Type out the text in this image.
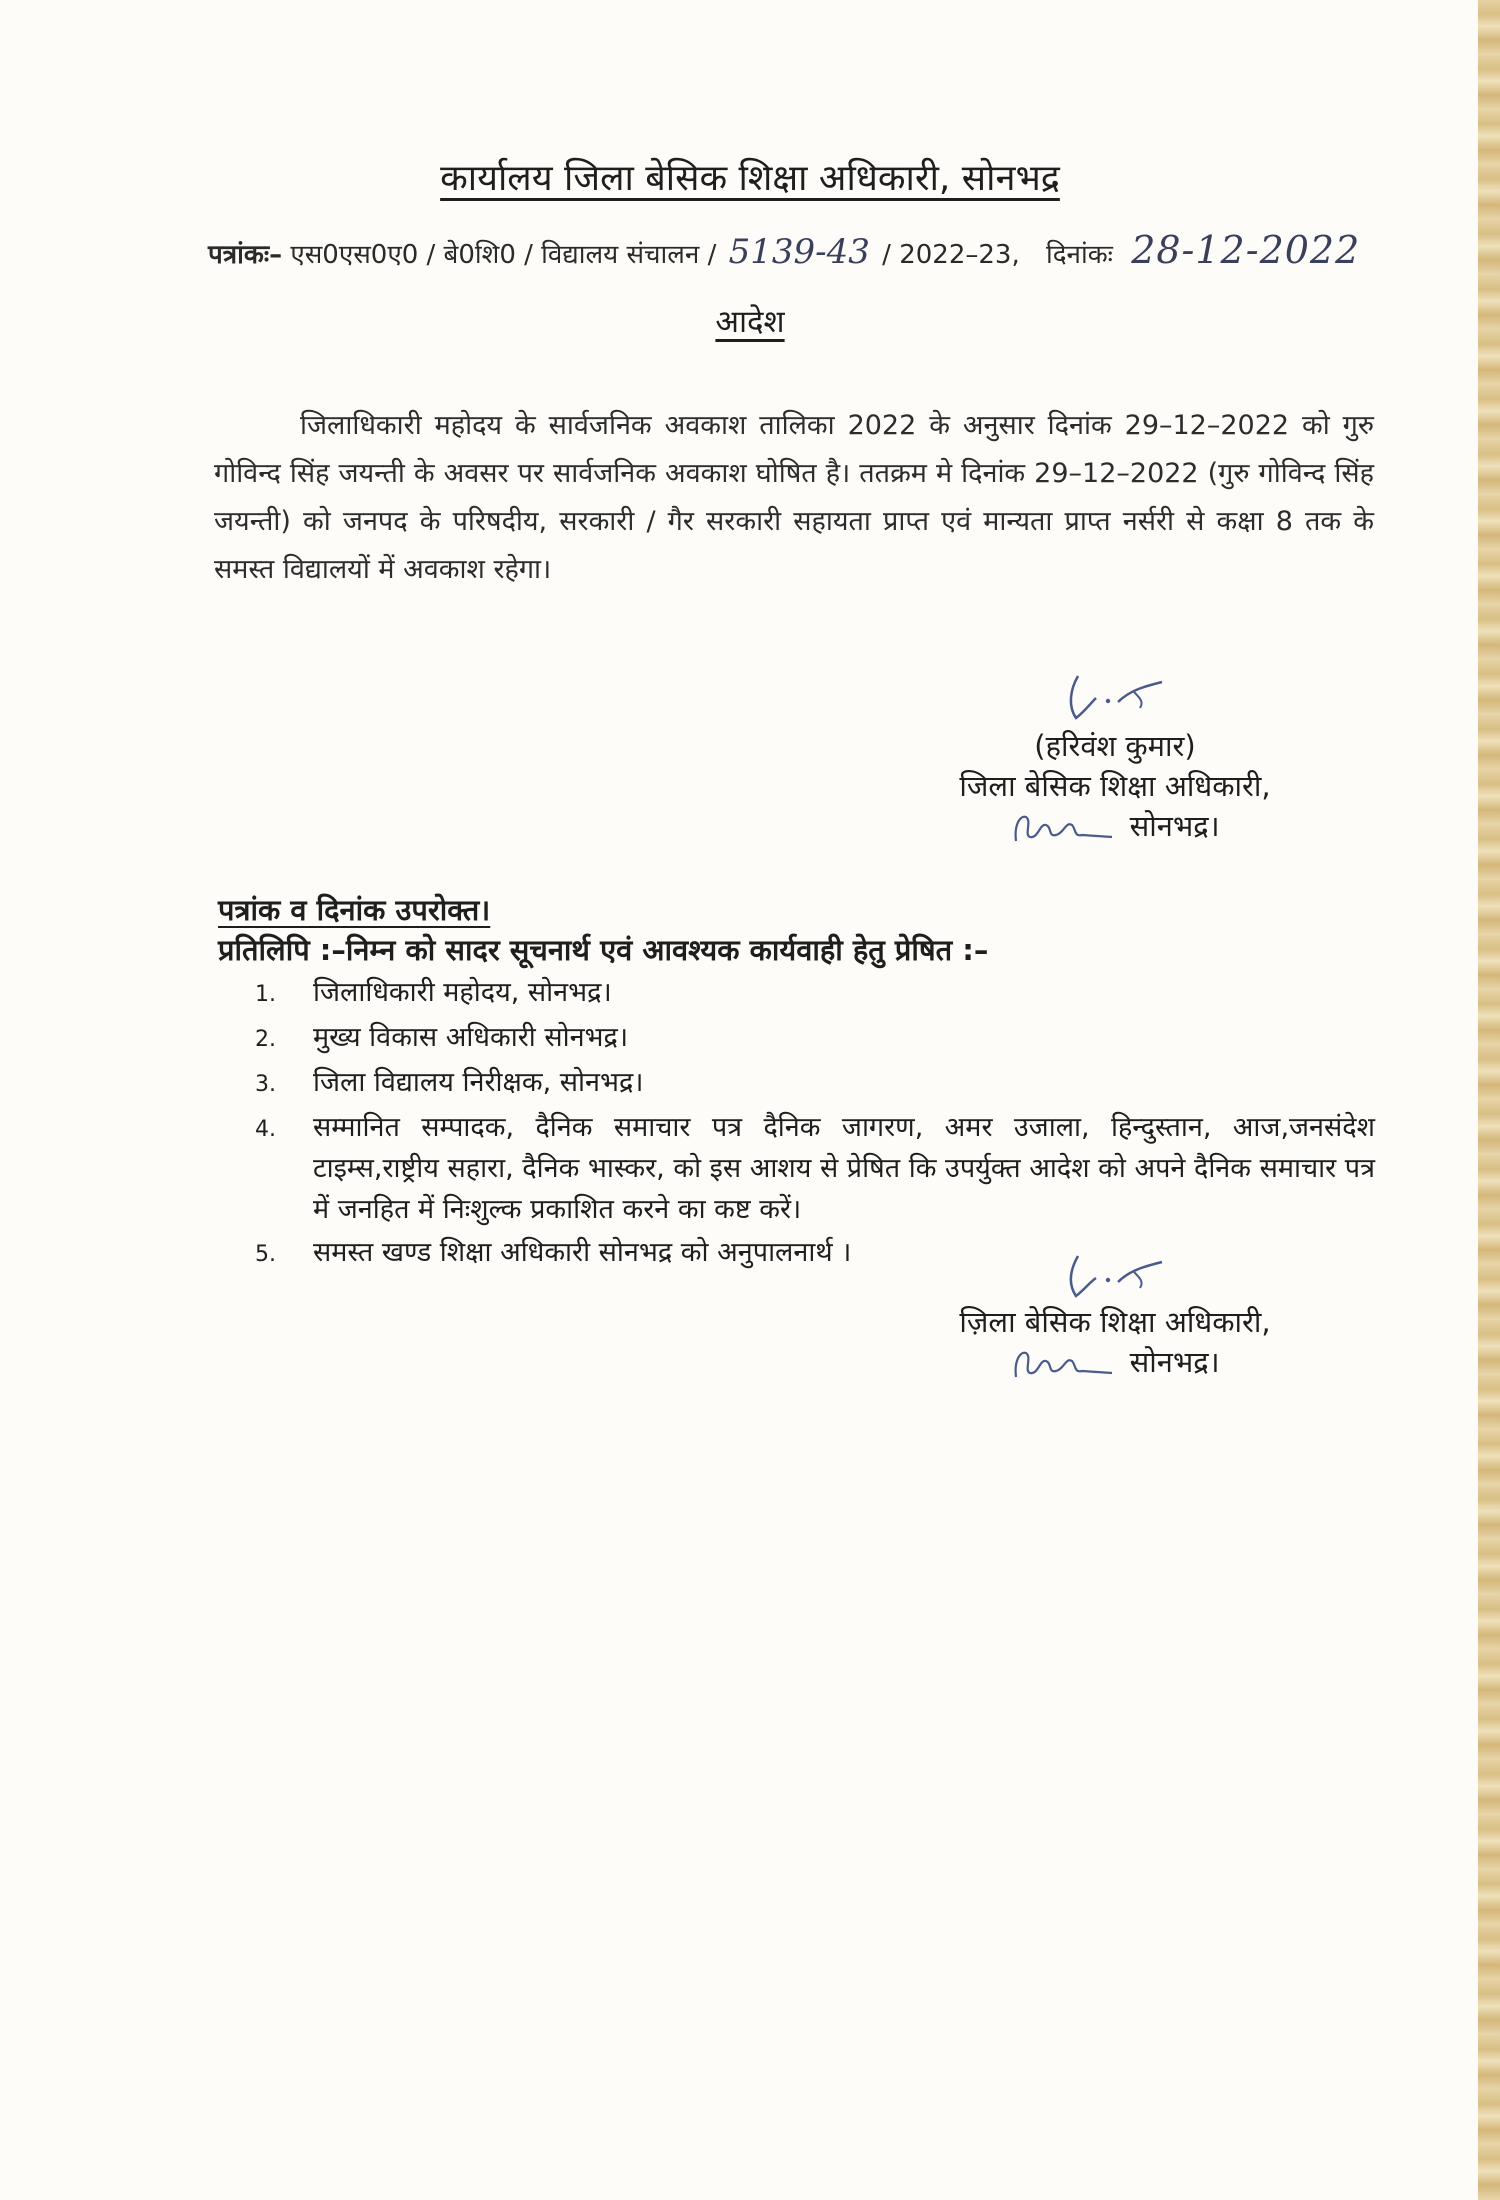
कार्यालय जिला बेसिक शिक्षा अधिकारी, सोनभद्र
पत्रांकः– एस0एस0ए0 / बे0शि0 / विद्यालय संचालन / 5139-43 / 2022–23, दिनांकः 28-12-2022
आदेश
जिलाधिकारी महोदय के सार्वजनिक अवकाश तालिका 2022 के अनुसार दिनांक 29–12–2022 को गुरु गोविन्द सिंह जयन्ती के अवसर पर सार्वजनिक अवकाश घोषित है। ततक्रम मे दिनांक 29–12–2022 (गुरु गोविन्द सिंह जयन्ती) को जनपद के परिषदीय, सरकारी / गैर सरकारी सहायता प्राप्त एवं मान्यता प्राप्त नर्सरी से कक्षा 8 तक के समस्त विद्यालयों में अवकाश रहेगा।
(हरिवंश कुमार)
जिला बेसिक शिक्षा अधिकारी,
सोनभद्र।
पत्रांक व दिनांक उपरोक्त।
प्रतिलिपि :–निम्न को सादर सूचनार्थ एवं आवश्यक कार्यवाही हेतु प्रेषित :–
1.	जिलाधिकारी महोदय, सोनभद्र।
2.	मुख्य विकास अधिकारी सोनभद्र।
3.	जिला विद्यालय निरीक्षक, सोनभद्र।
4.	सम्मानित सम्पादक, दैनिक समाचार पत्र दैनिक जागरण, अमर उजाला, हिन्दुस्तान, आज,जनसंदेश टाइम्स,राष्ट्रीय सहारा, दैनिक भास्कर, को इस आशय से प्रेषित कि उपर्युक्त आदेश को अपने दैनिक समाचार पत्र में जनहित में निःशुल्क प्रकाशित करने का कष्ट करें।
5.	समस्त खण्ड शिक्षा अधिकारी सोनभद्र को अनुपालनार्थ ।
ज़िला बेसिक शिक्षा अधिकारी,
सोनभद्र।
